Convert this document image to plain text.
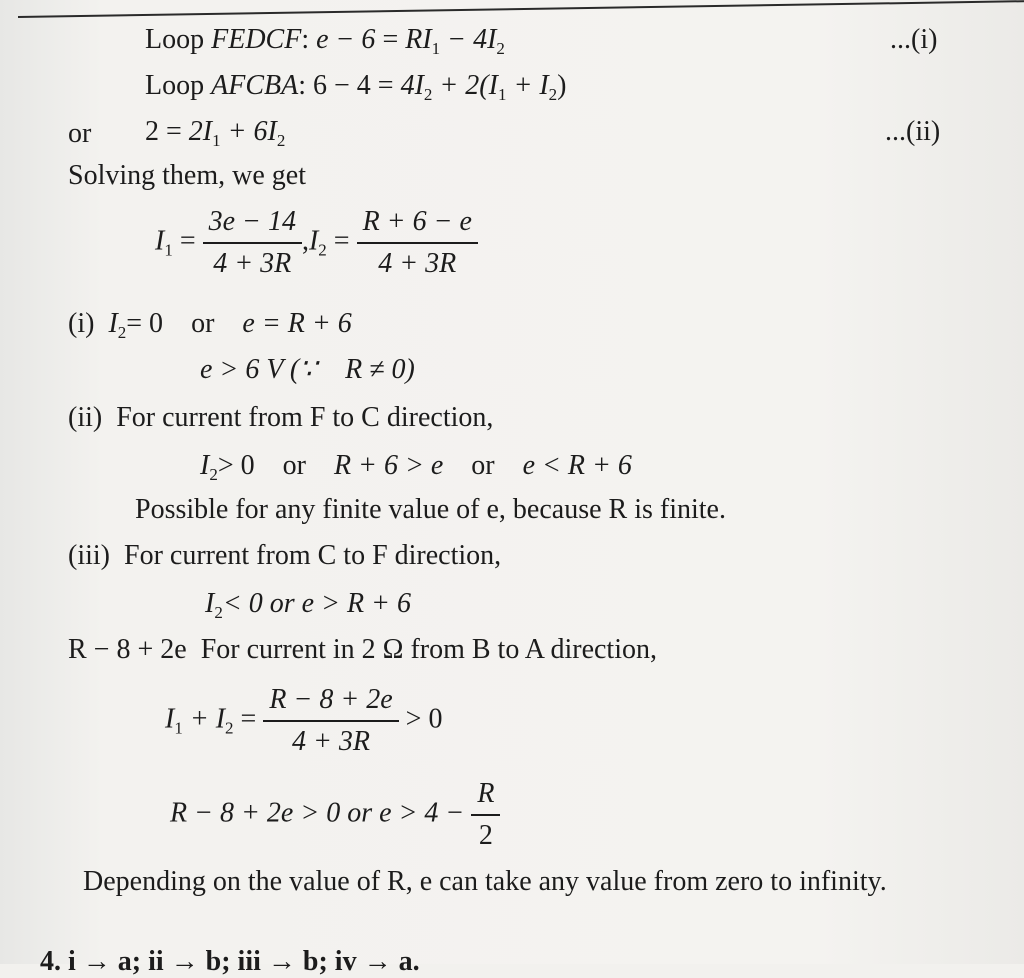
Loop FEDCF: $e - 6 = RI_1 - 4I_2$	...(i)
Loop AFCBA: $6 - 4 = 4I_2 + 2(I_1 + I_2)$
or $2 = 2I_1 + 6I_2$	...(ii)
Solving them, we get
$I_1 = \frac{3e - 14}{4 + 3R} ,I_2 = \frac{R + 6 - e}{4 + 3R}$
(i) $I_2= 0$ or e = R + 6
e > 6 V (∵ R ≠ 0)
(ii) For current from F to C direction,
$I_2> 0$ or R + 6 > e or e < R + 6
Possible for any finite value of e, because R is finite.
(iii) For current from C to F direction,
$I_2< 0$ or e > R + 6
R − 8 + 2e For current in 2 Ω from B to A direction,
$I_1 + I_2 = \frac{R - 8 + 2e}{4 + 3R} > 0$
R − 8 + 2e > 0 or $e > 4 - \frac{R}{2}$
Depending on the value of R, e can take any value from zero to infinity.
4. i → a; ii → b; iii → b; iv → a.
